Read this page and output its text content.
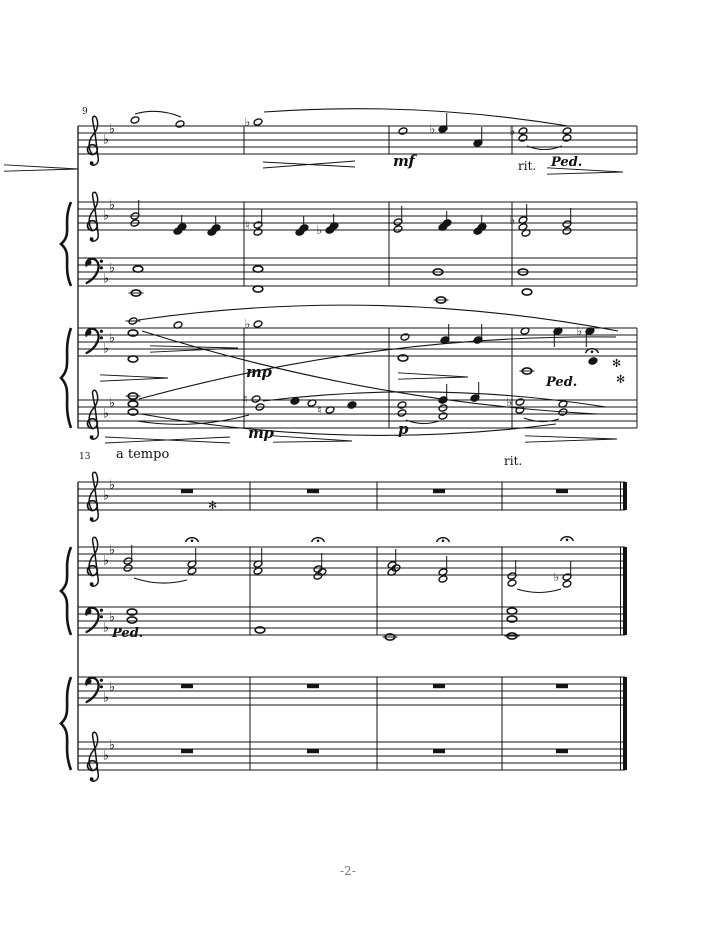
♭
♭
♭
♭
♭
♭
♭
♭
♭
♭
♭
♭
♭
♭
♭
♭
♭
♭
♭
♭
♭	♭	♭
♮	♭
♭
♭	♭
♮
♮
♭
♭
9
mf	rit. Ped.
mp
mp	p
Ped.
✻
✻
13 a tempo
✻
rit.
Ped.
-2-
